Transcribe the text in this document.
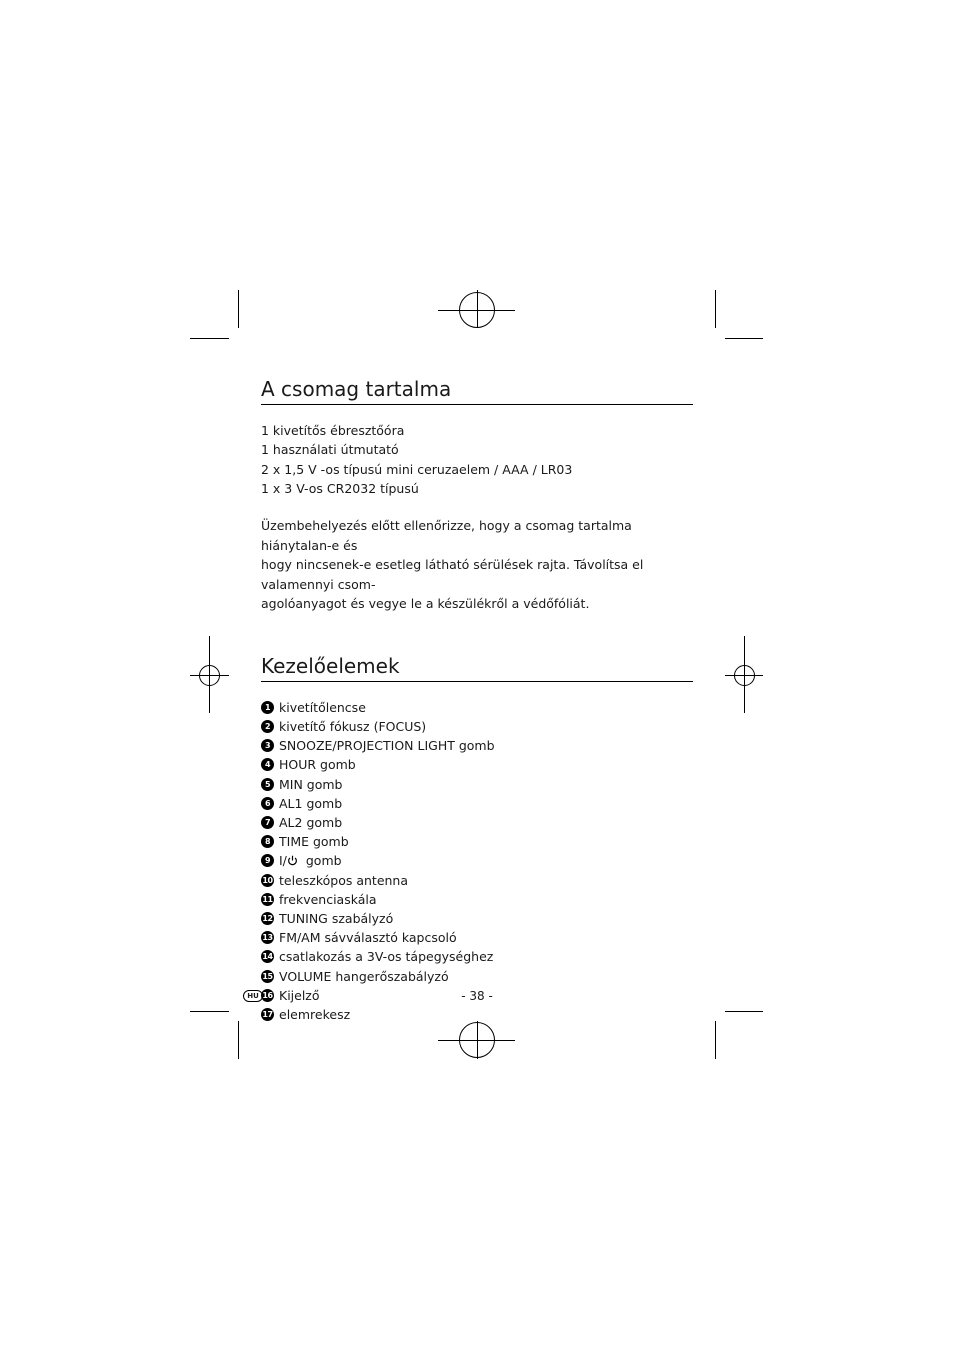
A csomag tartalma
1 kivetítős ébresztőóra
1 használati útmutató
2 x 1,5 V -os típusú mini ceruzaelem / AAA / LR03
1 x 3 V-os CR2032 típusú

Üzembehelyezés előtt ellenőrizze, hogy a csomag tartalma hiánytalan-e és
hogy nincsenek-e esetleg látható sérülések rajta. Távolítsa el valamennyi csom-
agolóanyagot és vegye le a készülékről a védőfóliát.

Kezelőelemek
1 kivetítőlencse
2 kivetítő fókusz (FOCUS)
3 SNOOZE/PROJECTION LIGHT gomb
4 HOUR gomb
5 MIN gomb
6 AL1 gomb
7 AL2 gomb
8 TIME gomb
9 I/
gomb
10 teleszkópos antenna
11 frekvenciaskála
12 TUNING szabályzó
13 FM/AM sávválasztó kapcsoló
14 csatlakozás a 3V-os tápegységhez
15 VOLUME hangerőszabályzó
16 Kijelző
17 elemrekesz
HU	- 38 -
